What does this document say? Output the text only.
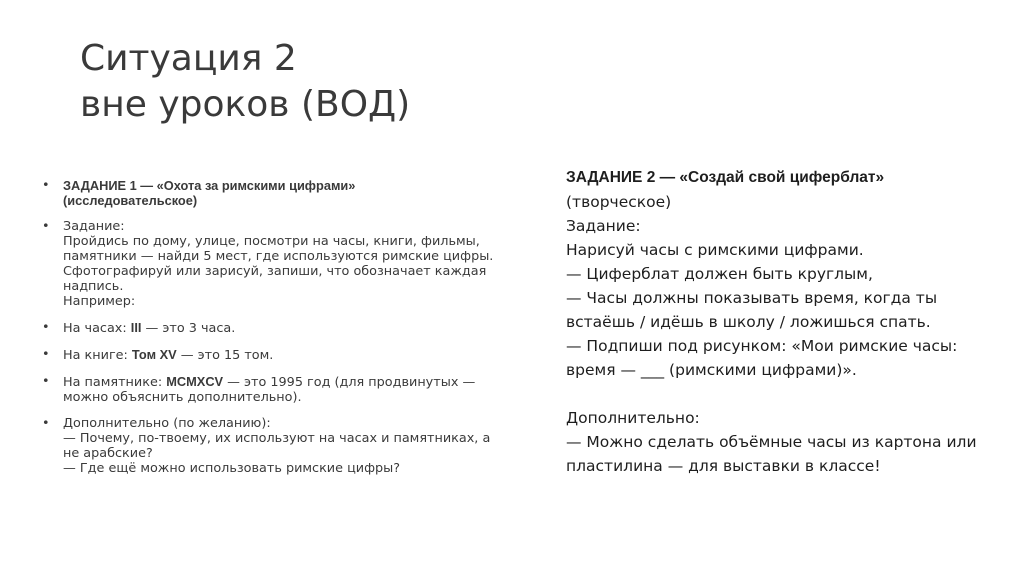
Ситуация 2
вне уроков (ВОД)
• ЗАДАНИЕ 1 — «Охота за римскими цифрами»
(исследовательское)
• Задание:
Пройдись по дому, улице, посмотри на часы, книги, фильмы,
памятники — найди 5 мест, где используются римские цифры.
Сфотографируй или зарисуй, запиши, что обозначает каждая
надпись.
Например:
• На часах: III — это 3 часа.
• На книге: Том XV — это 15 том.
• На памятнике: MCMXCV — это 1995 год (для продвинутых —
можно объяснить дополнительно).
• Дополнительно (по желанию):
— Почему, по-твоему, их используют на часах и памятниках, а
не арабские?
— Где ещё можно использовать римские цифры?
ЗАДАНИЕ 2 — «Создай свой циферблат»
(творческое)
Задание:
Нарисуй часы с римскими цифрами.
— Циферблат должен быть круглым,
— Часы должны показывать время, когда ты
встаёшь / идёшь в школу / ложишься спать.
— Подпиши под рисунком: «Мои римские часы:
время — ___ (римскими цифрами)».
Дополнительно:
— Можно сделать объёмные часы из картона или
пластилина — для выставки в классе!
